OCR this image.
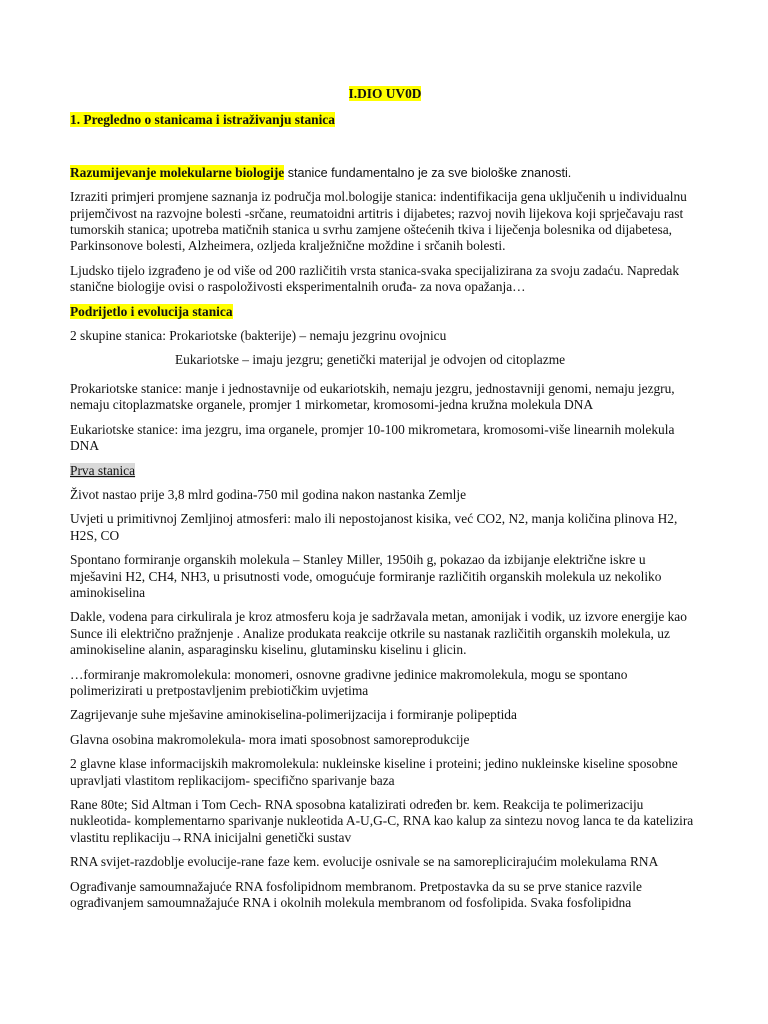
I.DIO UV0D
1. Pregledno o stanicama i istraživanju stanica

Razumijevanje molekularne biologije stanice fundamentalno je za sve biološke znanosti.

Izraziti primjeri promjene saznanja iz područja mol.bologije stanica: indentifikacija gena uključenih u individualnu prijemčivost na razvojne bolesti -srčane, reumatoidni artitris i dijabetes; razvoj novih lijekova koji sprječavaju rast tumorskih stanica; upotreba matičnih stanica u svrhu zamjene oštećenih tkiva i liječenja bolesnika od dijabetesa, Parkinsonove bolesti, Alzheimera, ozljeda kralježnične moždine i srčanih bolesti.

Ljudsko tijelo izgrađeno je od više od 200 različitih vrsta stanica-svaka specijalizirana za svoju zadaću. Napredak stanične biologije ovisi o raspoloživosti eksperimentalnih oruđa- za nova opažanja…

Podrijetlo i evolucija stanica

2 skupine stanica: Prokariotske (bakterije) – nemaju jezgrinu ovojnicu

Eukariotske – imaju jezgru; genetički materijal je odvojen od citoplazme

Prokariotske stanice: manje i jednostavnije od eukariotskih, nemaju jezgru, jednostavniji genomi, nemaju jezgru, nemaju citoplazmatske organele, promjer 1 mirkometar, kromosomi-jedna kružna molekula DNA

Eukariotske stanice: ima jezgru, ima organele, promjer 10-100 mikrometara, kromosomi-više linearnih molekula DNA

Prva stanica

Život nastao prije 3,8 mlrd godina-750 mil godina nakon nastanka Zemlje

Uvjeti u primitivnoj Zemljinoj atmosferi: malo ili nepostojanost kisika, već CO2, N2, manja količina plinova H2, H2S, CO

Spontano formiranje organskih molekula – Stanley Miller, 1950ih g, pokazao da izbijanje električne iskre u mješavini H2, CH4, NH3, u prisutnosti vode, omogućuje formiranje različitih organskih molekula uz nekoliko aminokiselina

Dakle, vodena para cirkulirala je kroz atmosferu koja je sadržavala metan, amonijak i vodik, uz izvore energije kao Sunce ili električno pražnjenje . Analize produkata reakcije otkrile su nastanak različitih organskih molekula, uz aminokiseline alanin, asparaginsku kiselinu, glutaminsku kiselinu i glicin.

…formiranje makromolekula: monomeri, osnovne gradivne jedinice makromolekula, mogu se spontano polimerizirati u pretpostavljenim prebiotičkim uvjetima

Zagrijevanje suhe mješavine aminokiselina-polimerijzacija i formiranje polipeptida

Glavna osobina makromolekula- mora imati sposobnost samoreprodukcije

2 glavne klase informacijskih makromolekula: nukleinske kiseline i proteini; jedino nukleinske kiseline sposobne upravljati vlastitom replikacijom- specifično sparivanje baza

Rane 80te; Sid Altman i Tom Cech- RNA sposobna katalizirati određen br. kem. Reakcija te polimerizaciju nukleotida- komplementarno sparivanje nukleotida A-U,G-C, RNA kao kalup za sintezu novog lanca te da katelizira vlastitu replikaciju→RNA inicijalni genetički sustav

RNA svijet-razdoblje evolucije-rane faze kem. evolucije osnivale se na samoreplicirajućim molekulama RNA

Ograđivanje samoumnažajuće RNA fosfolipidnom membranom. Pretpostavka da su se prve stanice razvile ograđivanjem samoumnažajuće RNA i okolnih molekula membranom od fosfolipida. Svaka fosfolipidna
